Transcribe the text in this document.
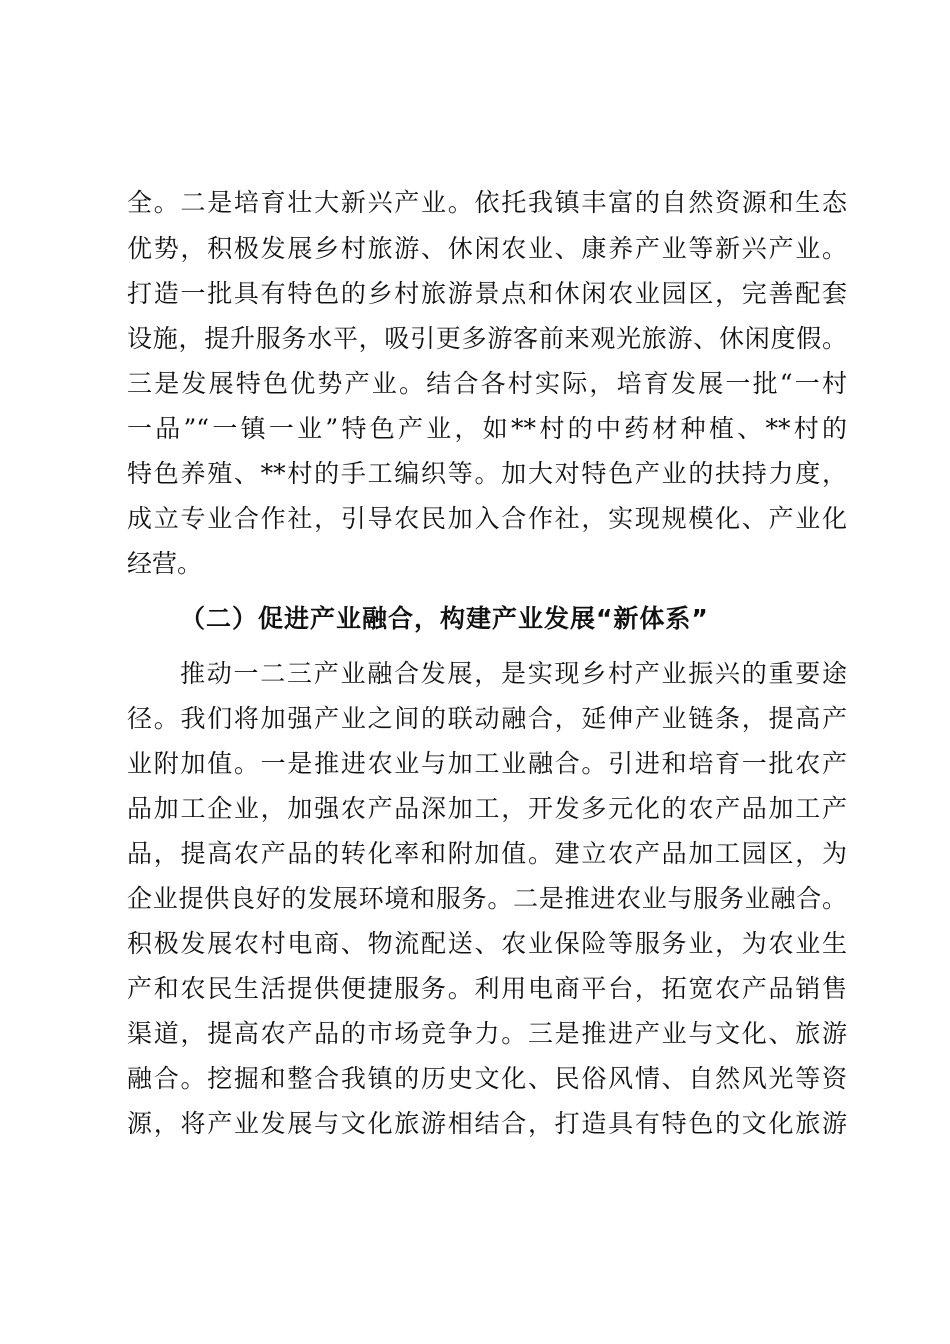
全。二是培育壮大新兴产业。依托我镇丰富的自然资源和生态
优势，积极发展乡村旅游、休闲农业、康养产业等新兴产业。
打造一批具有特色的乡村旅游景点和休闲农业园区，完善配套
设施，提升服务水平，吸引更多游客前来观光旅游、休闲度假。
三是发展特色优势产业。结合各村实际，培育发展一批“一村
一品”“一镇一业”特色产业，如**村的中药材种植、**村的
特色养殖、**村的手工编织等。加大对特色产业的扶持力度，
成立专业合作社，引导农民加入合作社，实现规模化、产业化
经营。
（二）促进产业融合，构建产业发展“新体系”
推动一二三产业融合发展，是实现乡村产业振兴的重要途
径。我们将加强产业之间的联动融合，延伸产业链条，提高产
业附加值。一是推进农业与加工业融合。引进和培育一批农产
品加工企业，加强农产品深加工，开发多元化的农产品加工产
品，提高农产品的转化率和附加值。建立农产品加工园区，为
企业提供良好的发展环境和服务。二是推进农业与服务业融合。
积极发展农村电商、物流配送、农业保险等服务业，为农业生
产和农民生活提供便捷服务。利用电商平台，拓宽农产品销售
渠道，提高农产品的市场竞争力。三是推进产业与文化、旅游
融合。挖掘和整合我镇的历史文化、民俗风情、自然风光等资
源，将产业发展与文化旅游相结合，打造具有特色的文化旅游
